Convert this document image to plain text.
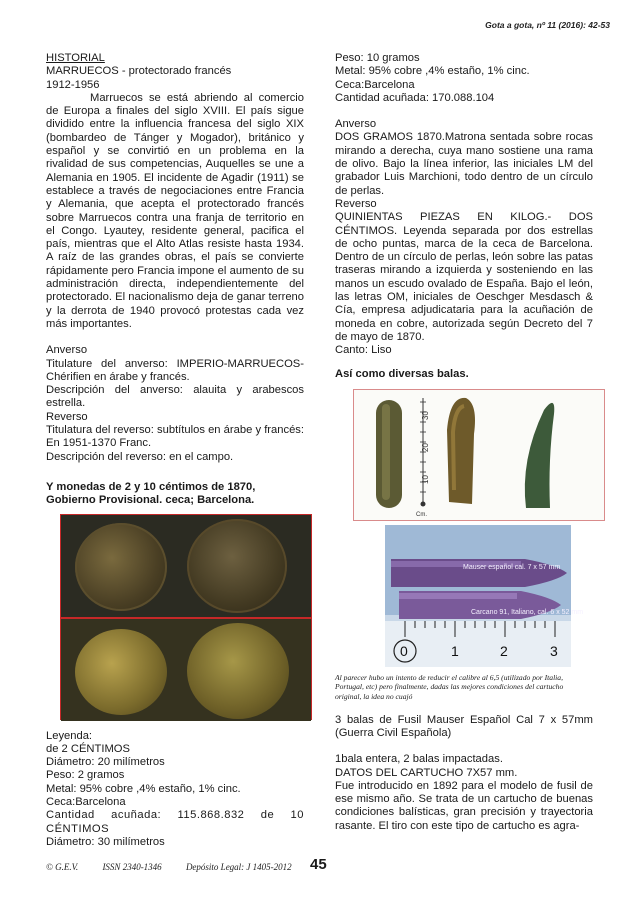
Gota a gota, nº 11 (2016): 42-53

HISTORIAL

MARRUECOS - protectorado francés

1912-1956

Marruecos se está abriendo al comercio de Europa a finales del siglo XVIII. El país sigue dividido entre la influencia francesa del siglo XIX (bombardeo de Tánger y Mogador), británico y español y se convirtió en un problema en la rivalidad de sus competencias, Auquelles se une a Alemania en 1905. El incidente de Agadir (1911) se establece a través de negociaciones entre Francia y Alemania, que acepta el protectorado francés sobre Marruecos contra una franja de territorio en el Congo. Lyautey, residente general, pacifica el país, mientras que el Alto Atlas resiste hasta 1934. A raíz de las grandes obras, el país se convierte rápidamente pero Francia impone el aumento de su administración directa, independientemente del protectorado. El nacionalismo deja de ganar terreno y la derrota de 1940 provocó protestas cada vez más importantes.

Anverso

Titulature del anverso: IMPERIO-MARRUECOS-Chérifien en árabe y francés.

Descripción del anverso: alauita y arabescos estrella.

Reverso

Titulatura del reverso: subtítulos en árabe y francés: En 1951-1370 Franc.

Descripción del reverso: en el campo.

Y monedas de 2 y 10 céntimos de 1870, Gobierno Provisional. ceca; Barcelona.

Leyenda:

de 2 CÉNTIMOS

Diámetro: 20 milímetros

Peso: 2 gramos

Metal: 95% cobre ,4% estaño, 1% cinc.

Ceca:Barcelona

Cantidad acuñada: 115.868.832 de 10 CÉNTIMOS

Diámetro: 30 milímetros

Peso: 10 gramos

Metal: 95% cobre ,4% estaño, 1% cinc.

Ceca:Barcelona

Cantidad acuñada: 170.088.104

Anverso

DOS GRAMOS 1870.Matrona sentada sobre rocas mirando a derecha, cuya mano sostiene una rama de olivo. Bajo la línea inferior, las iniciales LM del grabador Luis Marchioni, todo dentro de un círculo de perlas.

Reverso

QUINIENTAS PIEZAS EN KILOG.- DOS CÉNTIMOS. Leyenda separada por dos estrellas de ocho puntas, marca de la ceca de Barcelona. Dentro de un círculo de perlas, león sobre las patas traseras mirando a izquierda y sosteniendo en las manos un escudo ovalado de España. Bajo el león, las letras OM, iniciales de Oeschger Mesdasch & Cía, empresa adjudicataria para la acuñación de moneda en cobre, autorizada según Decreto del 7 de mayo de 1870.

Canto: Liso

Así como diversas balas.

30
20
10
Cm.
Mauser español cal. 7 x 57 mm
Carcano 91, Italiano, cal. 6 x 52 mm
0	1	2	3

Al parecer hubo un intento de reducir el calibre al 6,5 (utilizado por Italia, Portugal, etc) pero finalmente, dadas las mejores condiciones del cartucho original, la idea no cuajó

3 balas de Fusil Mauser Español Cal 7 x 57mm (Guerra Civil Española)

1bala entera, 2 balas impactadas.

DATOS DEL CARTUCHO 7X57 mm.

Fue introducido en 1892 para el modelo de fusil de ese mismo año. Se trata de un cartucho de buenas condiciones balísticas, gran precisión y trayectoria rasante. El tiro con este tipo de cartucho es agra-

© G.E.V.	ISSN 2340-1346	Depósito Legal: J 1405-2012	45
